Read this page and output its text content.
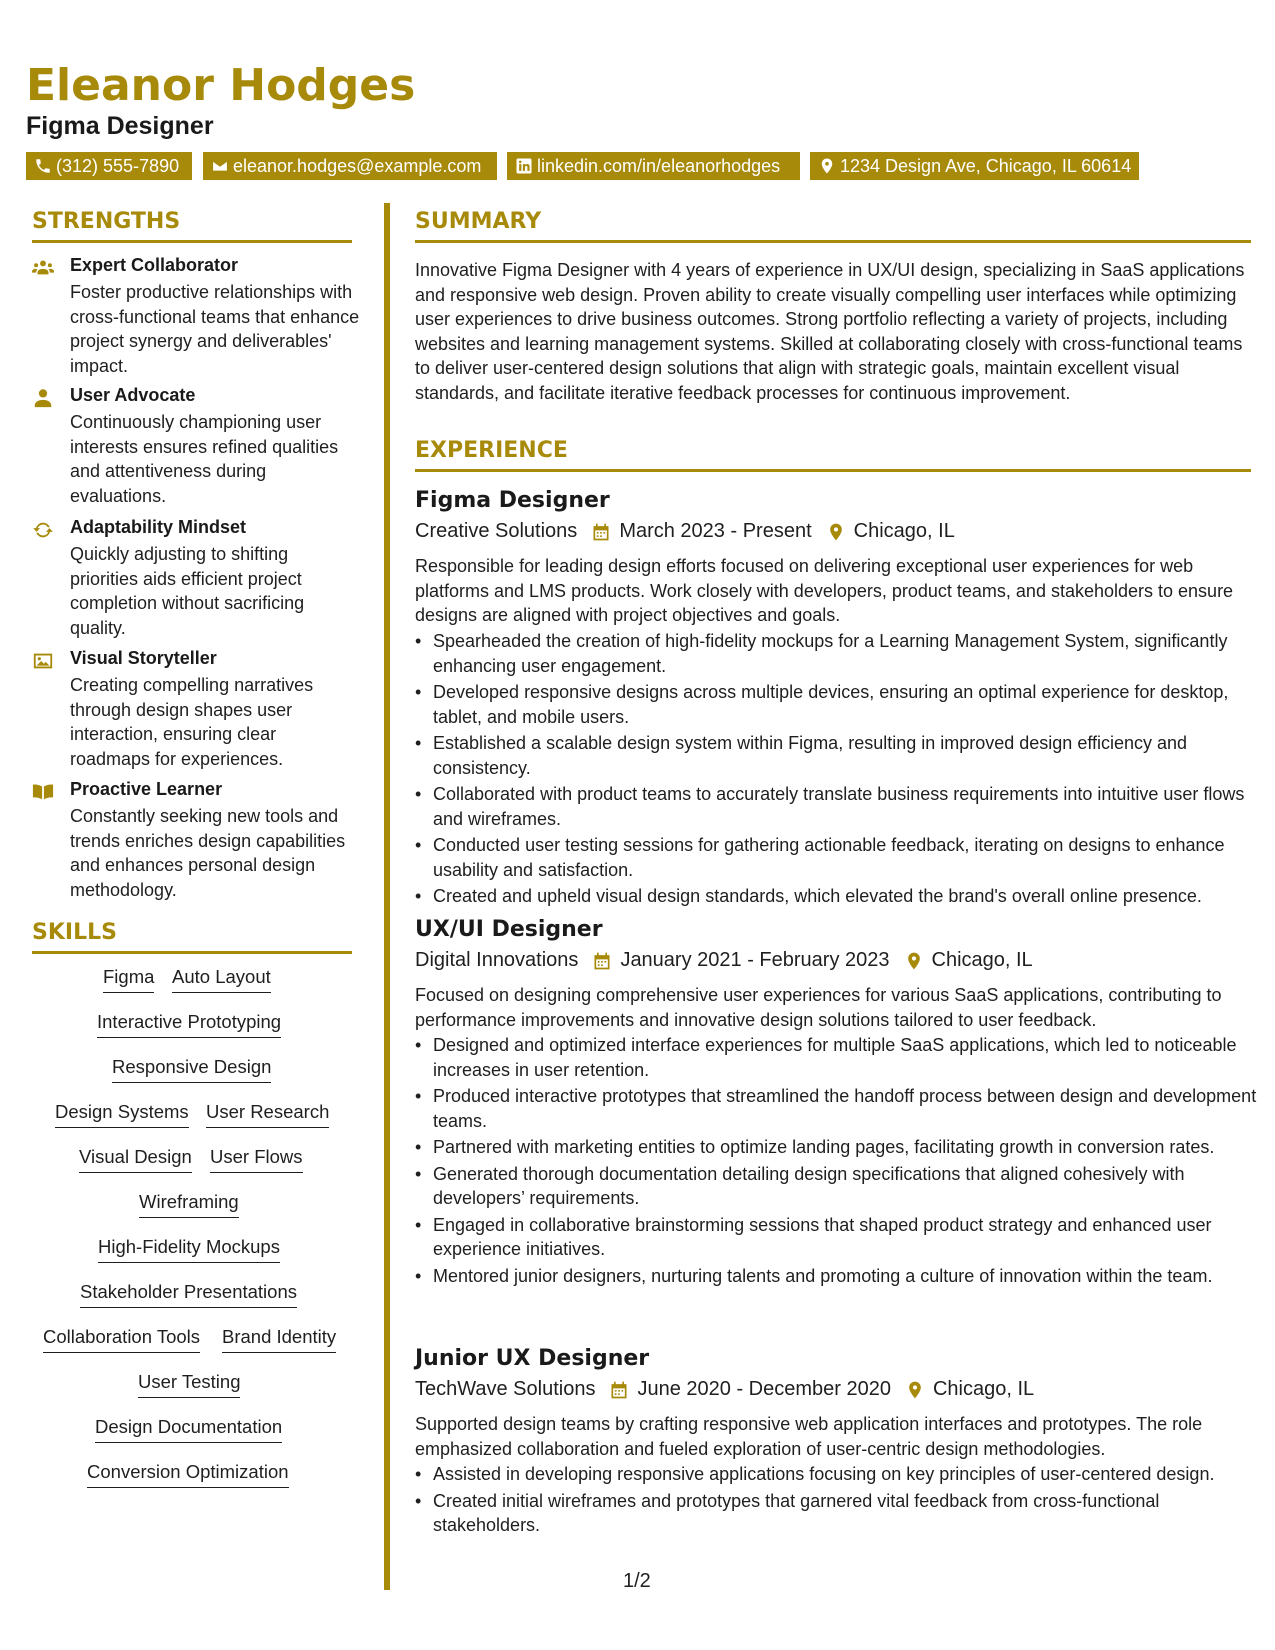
Eleanor Hodges
Figma Designer
(312) 555-7890	eleanor.hodges@example.com	linkedin.com/in/eleanorhodges	1234 Design Ave, Chicago, IL 60614
STRENGTHS
Expert Collaborator
Foster productive relationships with cross-functional teams that enhance project synergy and deliverables' impact.
User Advocate
Continuously championing user interests ensures refined qualities and attentiveness during evaluations.
Adaptability Mindset
Quickly adjusting to shifting priorities aids efficient project completion without sacrificing quality.
Visual Storyteller
Creating compelling narratives through design shapes user interaction, ensuring clear roadmaps for experiences.
Proactive Learner
Constantly seeking new tools and trends enriches design capabilities and enhances personal design methodology.
SKILLS
Figma Auto Layout
Interactive Prototyping
Responsive Design
Design Systems User Research
Visual Design User Flows
Wireframing
High-Fidelity Mockups
Stakeholder Presentations
Collaboration Tools Brand Identity
User Testing
Design Documentation
Conversion Optimization
SUMMARY

Innovative Figma Designer with 4 years of experience in UX/UI design, specializing in SaaS applications and responsive web design. Proven ability to create visually compelling user interfaces while optimizing user experiences to drive business outcomes. Strong portfolio reflecting a variety of projects, including websites and learning management systems. Skilled at collaborating closely with cross-functional teams to deliver user-centered design solutions that align with strategic goals, maintain excellent visual standards, and facilitate iterative feedback processes for continuous improvement.

EXPERIENCE
Figma Designer
Creative Solutions March 2023 - Present Chicago, IL

Responsible for leading design efforts focused on delivering exceptional user experiences for web platforms and LMS products. Work closely with developers, product teams, and stakeholders to ensure designs are aligned with project objectives and goals.

• Spearheaded the creation of high-fidelity mockups for a Learning Management System, significantly enhancing user engagement.
• Developed responsive designs across multiple devices, ensuring an optimal experience for desktop, tablet, and mobile users.
• Established a scalable design system within Figma, resulting in improved design efficiency and consistency.
• Collaborated with product teams to accurately translate business requirements into intuitive user flows and wireframes.
• Conducted user testing sessions for gathering actionable feedback, iterating on designs to enhance usability and satisfaction.
• Created and upheld visual design standards, which elevated the brand's overall online presence.
UX/UI Designer
Digital Innovations January 2021 - February 2023 Chicago, IL

Focused on designing comprehensive user experiences for various SaaS applications, contributing to performance improvements and innovative design solutions tailored to user feedback.

• Designed and optimized interface experiences for multiple SaaS applications, which led to noticeable increases in user retention.
• Produced interactive prototypes that streamlined the handoff process between design and development teams.
• Partnered with marketing entities to optimize landing pages, facilitating growth in conversion rates.
• Generated thorough documentation detailing design specifications that aligned cohesively with developers’ requirements.
• Engaged in collaborative brainstorming sessions that shaped product strategy and enhanced user experience initiatives.
• Mentored junior designers, nurturing talents and promoting a culture of innovation within the team.
Junior UX Designer
TechWave Solutions June 2020 - December 2020 Chicago, IL

Supported design teams by crafting responsive web application interfaces and prototypes. The role emphasized collaboration and fueled exploration of user-centric design methodologies.

• Assisted in developing responsive applications focusing on key principles of user-centered design.
• Created initial wireframes and prototypes that garnered vital feedback from cross-functional stakeholders.
1/2
